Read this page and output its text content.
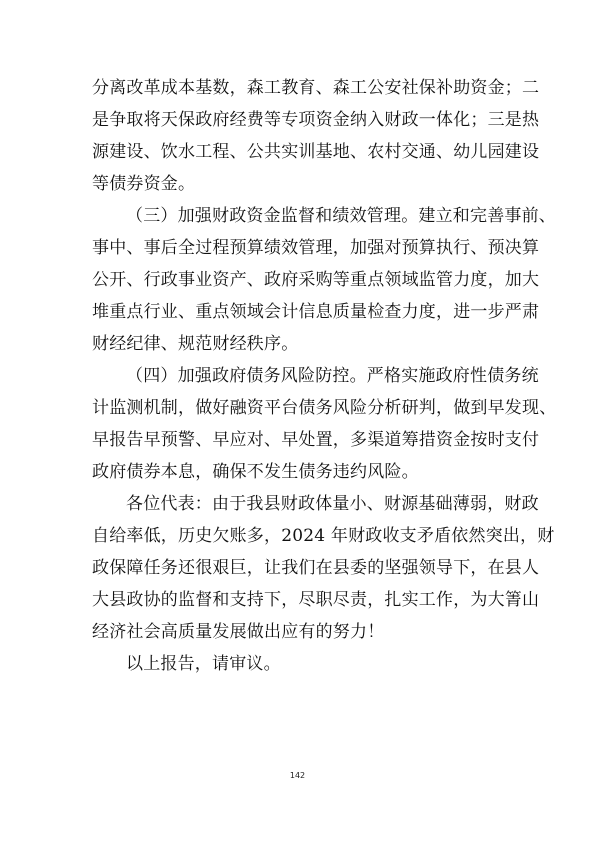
分离改革成本基数，森工教育、森工公安社保补助资金；二
是争取将天保政府经费等专项资金纳入财政一体化；三是热
源建设、饮水工程、公共实训基地、农村交通、幼儿园建设
等债券资金。
（三）加强财政资金监督和绩效管理。建立和完善事前、
事中、事后全过程预算绩效管理，加强对预算执行、预决算
公开、行政事业资产、政府采购等重点领域监管力度，加大
堆重点行业、重点领域会计信息质量检查力度，进一步严肃
财经纪律、规范财经秩序。
（四）加强政府债务风险防控。严格实施政府性债务统
计监测机制，做好融资平台债务风险分析研判，做到早发现、
早报告早预警、早应对、早处置，多渠道筹措资金按时支付
政府债券本息，确保不发生债务违约风险。
各位代表：由于我县财政体量小、财源基础薄弱，财政
自给率低，历史欠账多，2024 年财政收支矛盾依然突出，财
政保障任务还很艰巨，让我们在县委的坚强领导下，在县人
大县政协的监督和支持下，尽职尽责，扎实工作，为大箐山
经济社会高质量发展做出应有的努力！
以上报告，请审议。
142
